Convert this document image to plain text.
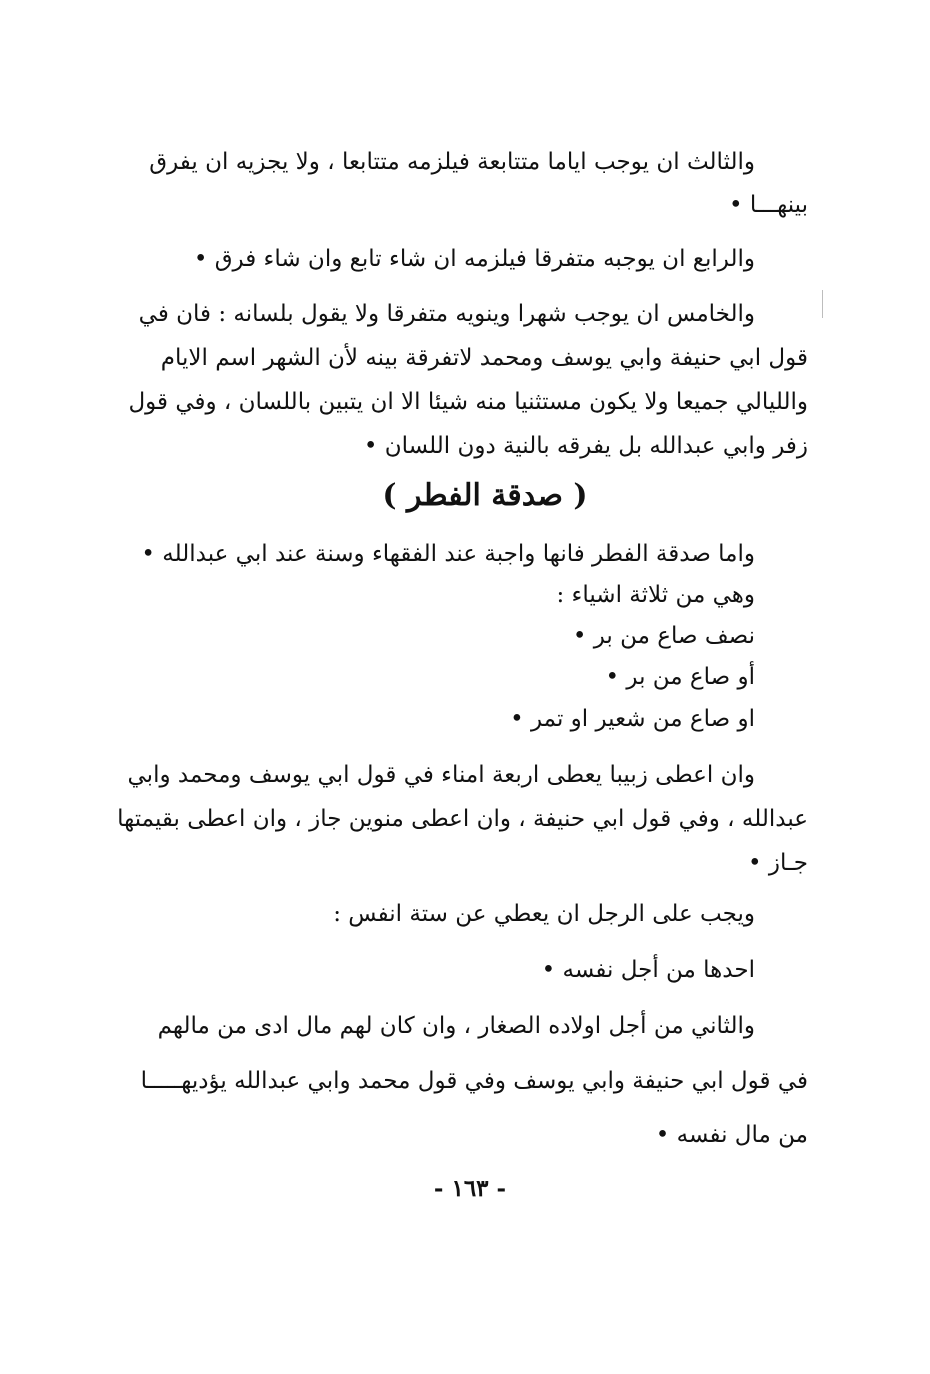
والثالث ان يوجب اياما متتابعة فيلزمه متتابعا ، ولا يجزيه ان يفرق
بينهـــا •
والرابع ان يوجبه متفرقا فيلزمه ان شاء تابع وان شاء فرق •
والخامس ان يوجب شهرا وينويه متفرقا ولا يقول بلسانه : فان في
قول ابي حنيفة وابي يوسف ومحمد لاتفرقة بينه لأن الشهر اسم الايام
والليالي جميعا ولا يكون مستثنيا منه شيئا الا ان يتبين باللسان ، وفي قول
زفر وابي عبدالله بل يفرقه بالنية دون اللسان •
( صدقة الفطر )
واما صدقة الفطر فانها واجبة عند الفقهاء وسنة عند ابي عبدالله •
وهي من ثلاثة اشياء :
نصف صاع من بر •
أو صاع من بر •
او صاع من شعير او تمر •
وان اعطى زبيبا يعطى اربعة امناء في قول ابي يوسف ومحمد وابي
عبدالله ، وفي قول ابي حنيفة ، وان اعطى منوين جاز ، وان اعطى بقيمتها
جـاز •
ويجب على الرجل ان يعطي عن ستة انفس :
احدها من أجل نفسه •
والثاني من أجل اولاده الصغار ، وان كان لهم مال ادى من مالهم
في قول ابي حنيفة وابي يوسف وفي قول محمد وابي عبدالله يؤديهـــــا
من مال نفسه •
- ١٦٣ -
